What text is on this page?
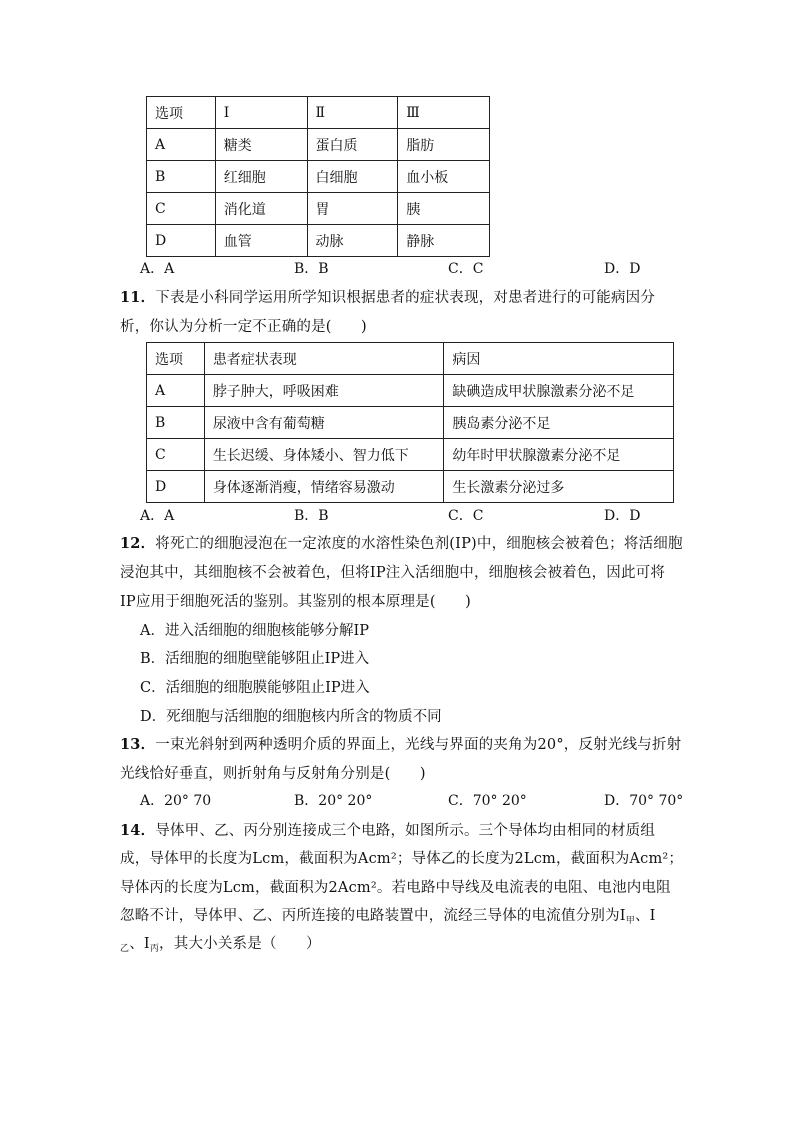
选项	Ⅰ	Ⅱ	Ⅲ
A	糖类	蛋白质	脂肪
B	红细胞	白细胞	血小板
C	消化道	胃	胰
D	血管	动脉	静脉
A．A	B．B	C．C	D．D
11．下表是小科同学运用所学知识根据患者的症状表现，对患者进行的可能病因分
析，你认为分析一定不正确的是(　　)
选项	患者症状表现	病因
A	脖子肿大，呼吸困难	缺碘造成甲状腺激素分泌不足
B	尿液中含有葡萄糖	胰岛素分泌不足
C	生长迟缓、身体矮小、智力低下	幼年时甲状腺激素分泌不足
D	身体逐渐消瘦，情绪容易激动	生长激素分泌过多
A．A	B．B	C．C	D．D
12．将死亡的细胞浸泡在一定浓度的水溶性染色剂(IP)中，细胞核会被着色；将活细胞
浸泡其中，其细胞核不会被着色，但将IP注入活细胞中，细胞核会被着色，因此可将
IP应用于细胞死活的鉴别。其鉴别的根本原理是(　　)
A．进入活细胞的细胞核能够分解IP
B．活细胞的细胞壁能够阻止IP进入
C．活细胞的细胞膜能够阻止IP进入
D．死细胞与活细胞的细胞核内所含的物质不同
13．一束光斜射到两种透明介质的界面上，光线与界面的夹角为20°，反射光线与折射
光线恰好垂直，则折射角与反射角分别是(　　)
A．20° 70	B．20° 20°	C．70° 20°	D．70° 70°
14．导体甲、乙、丙分别连接成三个电路，如图所示。三个导体均由相同的材质组
成，导体甲的长度为Lcm，截面积为Acm²；导体乙的长度为2Lcm，截面积为Acm²；
导体丙的长度为Lcm，截面积为2Acm²。若电路中导线及电流表的电阻、电池内电阻
忽略不计，导体甲、乙、丙所连接的电路装置中，流经三导体的电流值分别为$I_甲$、I
$_乙$、$I_丙$，其大小关系是（　　）
